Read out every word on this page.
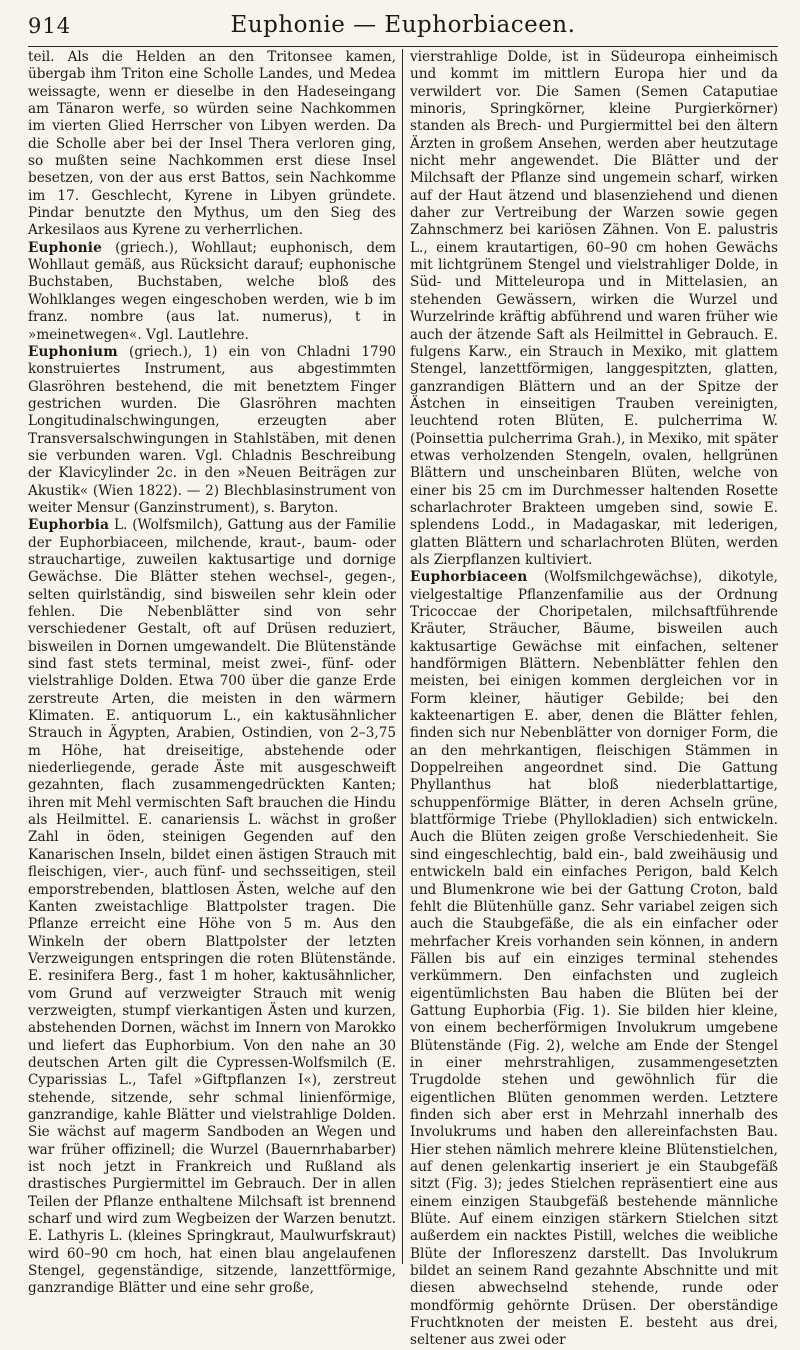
914	Euphonie — Euphorbiaceen.

teil. Als die Helden an den Tritonsee kamen, übergab ihm Triton eine Scholle Landes, und Medea weissagte, wenn er dieselbe in den Hadeseingang am Tänaron werfe, so würden seine Nachkommen im vierten Glied Herrscher von Libyen werden. Da die Scholle aber bei der Insel Thera verloren ging, so mußten seine Nachkommen erst diese Insel besetzen, von der aus erst Battos, sein Nachkomme im 17. Geschlecht, Kyrene in Libyen gründete. Pindar benutzte den Mythus, um den Sieg des Arkesilaos aus Kyrene zu verherrlichen.

Euphonie (griech.), Wohllaut; euphonisch, dem Wohllaut gemäß, aus Rücksicht darauf; euphonische Buchstaben, Buchstaben, welche bloß des Wohlklanges wegen eingeschoben werden, wie b im franz. nombre (aus lat. numerus), t in »meinetwegen«. Vgl. Lautlehre.

Euphonium (griech.), 1) ein von Chladni 1790 konstruiertes Instrument, aus abgestimmten Glasröhren bestehend, die mit benetztem Finger gestrichen wurden. Die Glasröhren machten Longitudinalschwingungen, erzeugten aber Transversalschwingungen in Stahlstäben, mit denen sie verbunden waren. Vgl. Chladnis Beschreibung der Klavicylinder 2c. in den »Neuen Beiträgen zur Akustik« (Wien 1822). — 2) Blechblasinstrument von weiter Mensur (Ganzinstrument), s. Baryton.

Euphorbia L. (Wolfsmilch), Gattung aus der Familie der Euphorbiaceen, milchende, kraut-, baum- oder strauchartige, zuweilen kaktusartige und dornige Gewächse. Die Blätter stehen wechsel-, gegen-, selten quirlständig, sind bisweilen sehr klein oder fehlen. Die Nebenblätter sind von sehr verschiedener Gestalt, oft auf Drüsen reduziert, bisweilen in Dornen umgewandelt. Die Blütenstände sind fast stets terminal, meist zwei-, fünf- oder vielstrahlige Dolden. Etwa 700 über die ganze Erde zerstreute Arten, die meisten in den wärmern Klimaten. E. antiquorum L., ein kaktusähnlicher Strauch in Ägypten, Arabien, Ostindien, von 2–3,75 m Höhe, hat dreiseitige, abstehende oder niederliegende, gerade Äste mit ausgeschweift gezahnten, flach zusammengedrückten Kanten; ihren mit Mehl vermischten Saft brauchen die Hindu als Heilmittel. E. canariensis L. wächst in großer Zahl in öden, steinigen Gegenden auf den Kanarischen Inseln, bildet einen ästigen Strauch mit fleischigen, vier-, auch fünf- und sechsseitigen, steil emporstrebenden, blattlosen Ästen, welche auf den Kanten zweistachlige Blattpolster tragen. Die Pflanze erreicht eine Höhe von 5 m. Aus den Winkeln der obern Blattpolster der letzten Verzweigungen entspringen die roten Blütenstände. E. resinifera Berg., fast 1 m hoher, kaktusähnlicher, vom Grund auf verzweigter Strauch mit wenig verzweigten, stumpf vierkantigen Ästen und kurzen, abstehenden Dornen, wächst im Innern von Marokko und liefert das Euphorbium. Von den nahe an 30 deutschen Arten gilt die Cypressen-Wolfsmilch (E. Cyparissias L., Tafel »Giftpflanzen I«), zerstreut stehende, sitzende, sehr schmal linienförmige, ganzrandige, kahle Blätter und vielstrahlige Dolden. Sie wächst auf magerm Sandboden an Wegen und war früher offizinell; die Wurzel (Bauernrhabarber) ist noch jetzt in Frankreich und Rußland als drastisches Purgiermittel im Gebrauch. Der in allen Teilen der Pflanze enthaltene Milchsaft ist brennend scharf und wird zum Wegbeizen der Warzen benutzt. E. Lathyris L. (kleines Springkraut, Maulwurfskraut) wird 60–90 cm hoch, hat einen blau angelaufenen Stengel, gegenständige, sitzende, lanzettförmige, ganzrandige Blätter und eine sehr große,

vierstrahlige Dolde, ist in Südeuropa einheimisch und kommt im mittlern Europa hier und da verwildert vor. Die Samen (Semen Cataputiae minoris, Springkörner, kleine Purgierkörner) standen als Brech- und Purgiermittel bei den ältern Ärzten in großem Ansehen, werden aber heutzutage nicht mehr angewendet. Die Blätter und der Milchsaft der Pflanze sind ungemein scharf, wirken auf der Haut ätzend und blasenziehend und dienen daher zur Vertreibung der Warzen sowie gegen Zahnschmerz bei kariösen Zähnen. Von E. palustris L., einem krautartigen, 60–90 cm hohen Gewächs mit lichtgrünem Stengel und vielstrahliger Dolde, in Süd- und Mitteleuropa und in Mittelasien, an stehenden Gewässern, wirken die Wurzel und Wurzelrinde kräftig abführend und waren früher wie auch der ätzende Saft als Heilmittel in Gebrauch. E. fulgens Karw., ein Strauch in Mexiko, mit glattem Stengel, lanzettförmigen, langgespitzten, glatten, ganzrandigen Blättern und an der Spitze der Ästchen in einseitigen Trauben vereinigten, leuchtend roten Blüten, E. pulcherrima W. (Poinsettia pulcherrima Grah.), in Mexiko, mit später etwas verholzenden Stengeln, ovalen, hellgrünen Blättern und unscheinbaren Blüten, welche von einer bis 25 cm im Durchmesser haltenden Rosette scharlachroter Brakteen umgeben sind, sowie E. splendens Lodd., in Madagaskar, mit lederigen, glatten Blättern und scharlachroten Blüten, werden als Zierpflanzen kultiviert.

Euphorbiaceen (Wolfsmilchgewächse), dikotyle, vielgestaltige Pflanzenfamilie aus der Ordnung Tricoccae der Choripetalen, milchsaftführende Kräuter, Sträucher, Bäume, bisweilen auch kaktusartige Gewächse mit einfachen, seltener handförmigen Blättern. Nebenblätter fehlen den meisten, bei einigen kommen dergleichen vor in Form kleiner, häutiger Gebilde; bei den kakteenartigen E. aber, denen die Blätter fehlen, finden sich nur Nebenblätter von dorniger Form, die an den mehrkantigen, fleischigen Stämmen in Doppelreihen angeordnet sind. Die Gattung Phyllanthus hat bloß niederblattartige, schuppenförmige Blätter, in deren Achseln grüne, blattförmige Triebe (Phyllokladien) sich entwickeln. Auch die Blüten zeigen große Verschiedenheit. Sie sind eingeschlechtig, bald ein-, bald zweihäusig und entwickeln bald ein einfaches Perigon, bald Kelch und Blumenkrone wie bei der Gattung Croton, bald fehlt die Blütenhülle ganz. Sehr variabel zeigen sich auch die Staubgefäße, die als ein einfacher oder mehrfacher Kreis vorhanden sein können, in andern Fällen bis auf ein einziges terminal stehendes verkümmern. Den einfachsten und zugleich eigentümlichsten Bau haben die Blüten bei der Gattung Euphorbia (Fig. 1). Sie bilden hier kleine, von einem becherförmigen Involukrum umgebene Blütenstände (Fig. 2), welche am Ende der Stengel in einer mehrstrahligen, zusammengesetzten Trugdolde stehen und gewöhnlich für die eigentlichen Blüten genommen werden. Letztere finden sich aber erst in Mehrzahl innerhalb des Involukrums und haben den allereinfachsten Bau. Hier stehen nämlich mehrere kleine Blütenstielchen, auf denen gelenkartig inseriert je ein Staubgefäß sitzt (Fig. 3); jedes Stielchen repräsentiert eine aus einem einzigen Staubgefäß bestehende männliche Blüte. Auf einem einzigen stärkern Stielchen sitzt außerdem ein nacktes Pistill, welches die weibliche Blüte der Infloreszenz darstellt. Das Involukrum bildet an seinem Rand gezahnte Abschnitte und mit diesen abwechselnd stehende, runde oder mondförmig gehörnte Drüsen. Der oberständige Fruchtknoten der meisten E. besteht aus drei, seltener aus zwei oder
